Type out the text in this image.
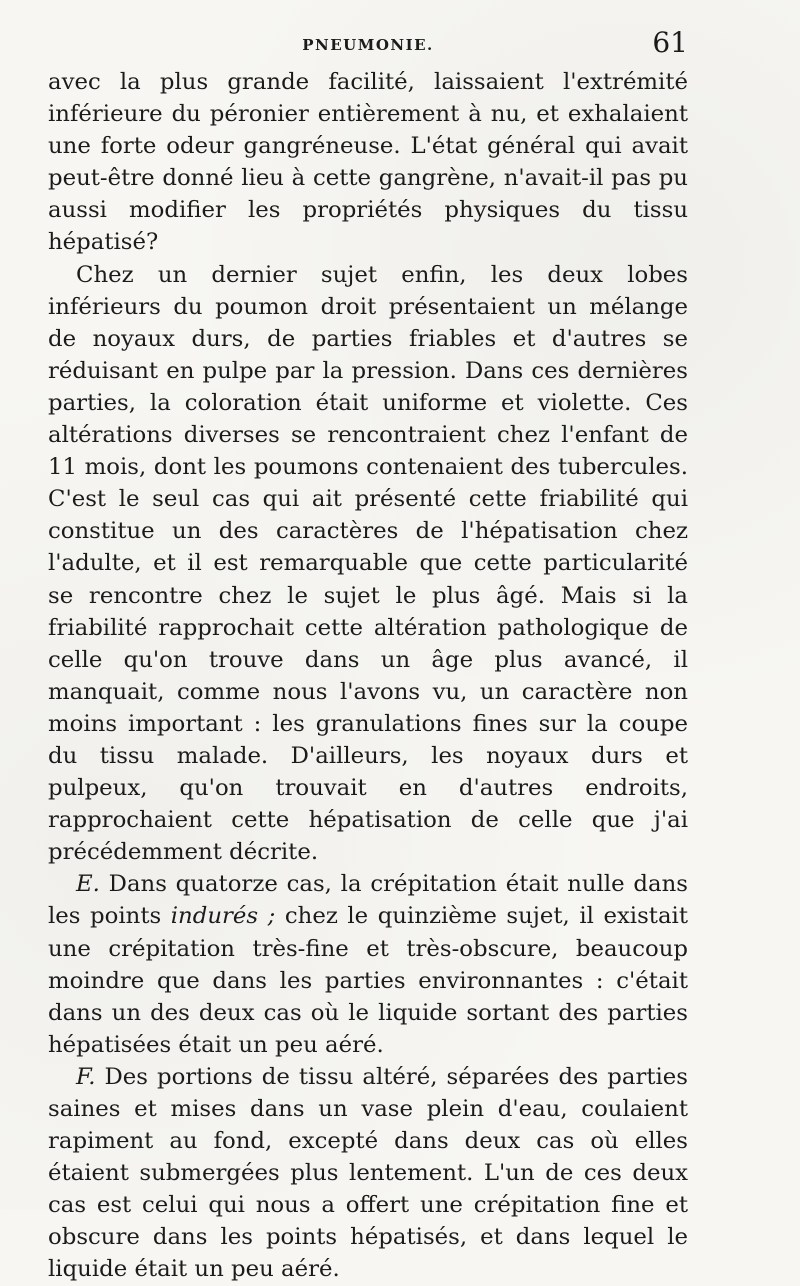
PNEUMONIE.	61

avec la plus grande facilité, laissaient l'extrémité inférieure du péronier entièrement à nu, et exhalaient une forte odeur gangréneuse. L'état général qui avait peut-être donné lieu à cette gangrène, n'avait-il pas pu aussi modifier les propriétés physiques du tissu hépatisé?

Chez un dernier sujet enfin, les deux lobes inférieurs du poumon droit présentaient un mélange de noyaux durs, de parties friables et d'autres se réduisant en pulpe par la pression. Dans ces dernières parties, la coloration était uniforme et violette. Ces altérations diverses se rencontraient chez l'enfant de 11 mois, dont les poumons contenaient des tubercules. C'est le seul cas qui ait présenté cette friabilité qui constitue un des caractères de l'hépatisation chez l'adulte, et il est remarquable que cette particularité se rencontre chez le sujet le plus âgé. Mais si la friabilité rapprochait cette altération pathologique de celle qu'on trouve dans un âge plus avancé, il manquait, comme nous l'avons vu, un caractère non moins important : les granulations fines sur la coupe du tissu malade. D'ailleurs, les noyaux durs et pulpeux, qu'on trouvait en d'autres endroits, rapprochaient cette hépatisation de celle que j'ai précédemment décrite.

E. Dans quatorze cas, la crépitation était nulle dans les points indurés ; chez le quinzième sujet, il existait une crépitation très-fine et très-obscure, beaucoup moindre que dans les parties environnantes : c'était dans un des deux cas où le liquide sortant des parties hépatisées était un peu aéré.

F. Des portions de tissu altéré, séparées des parties saines et mises dans un vase plein d'eau, coulaient rapiment au fond, excepté dans deux cas où elles étaient submergées plus lentement. L'un de ces deux cas est celui qui nous a offert une crépitation fine et obscure dans les points hépatisés, et dans lequel le liquide était un peu aéré.
